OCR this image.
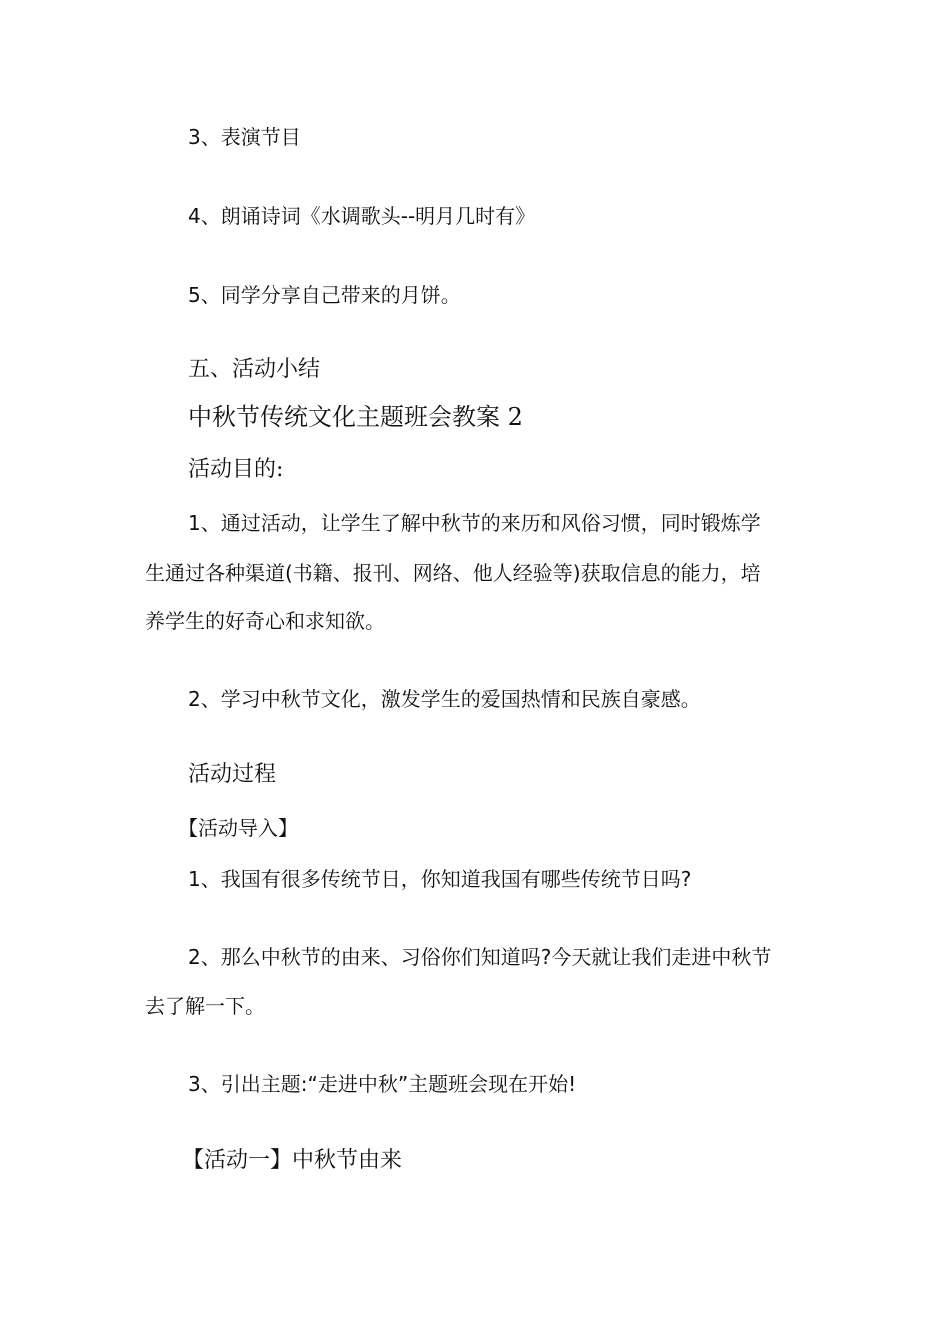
3、表演节目
4、朗诵诗词《水调歌头--明月几时有》
5、同学分享自己带来的月饼。
五、活动小结
中秋节传统文化主题班会教案 2
活动目的:
1、通过活动，让学生了解中秋节的来历和风俗习惯，同时锻炼学
生通过各种渠道(书籍、报刊、网络、他人经验等)获取信息的能力，培
养学生的好奇心和求知欲。
2、学习中秋节文化，激发学生的爱国热情和民族自豪感。
活动过程
【活动导入】
1、我国有很多传统节日，你知道我国有哪些传统节日吗?
2、那么中秋节的由来、习俗你们知道吗?今天就让我们走进中秋节
去了解一下。
3、引出主题:“走进中秋”主题班会现在开始!
【活动一】中秋节由来
